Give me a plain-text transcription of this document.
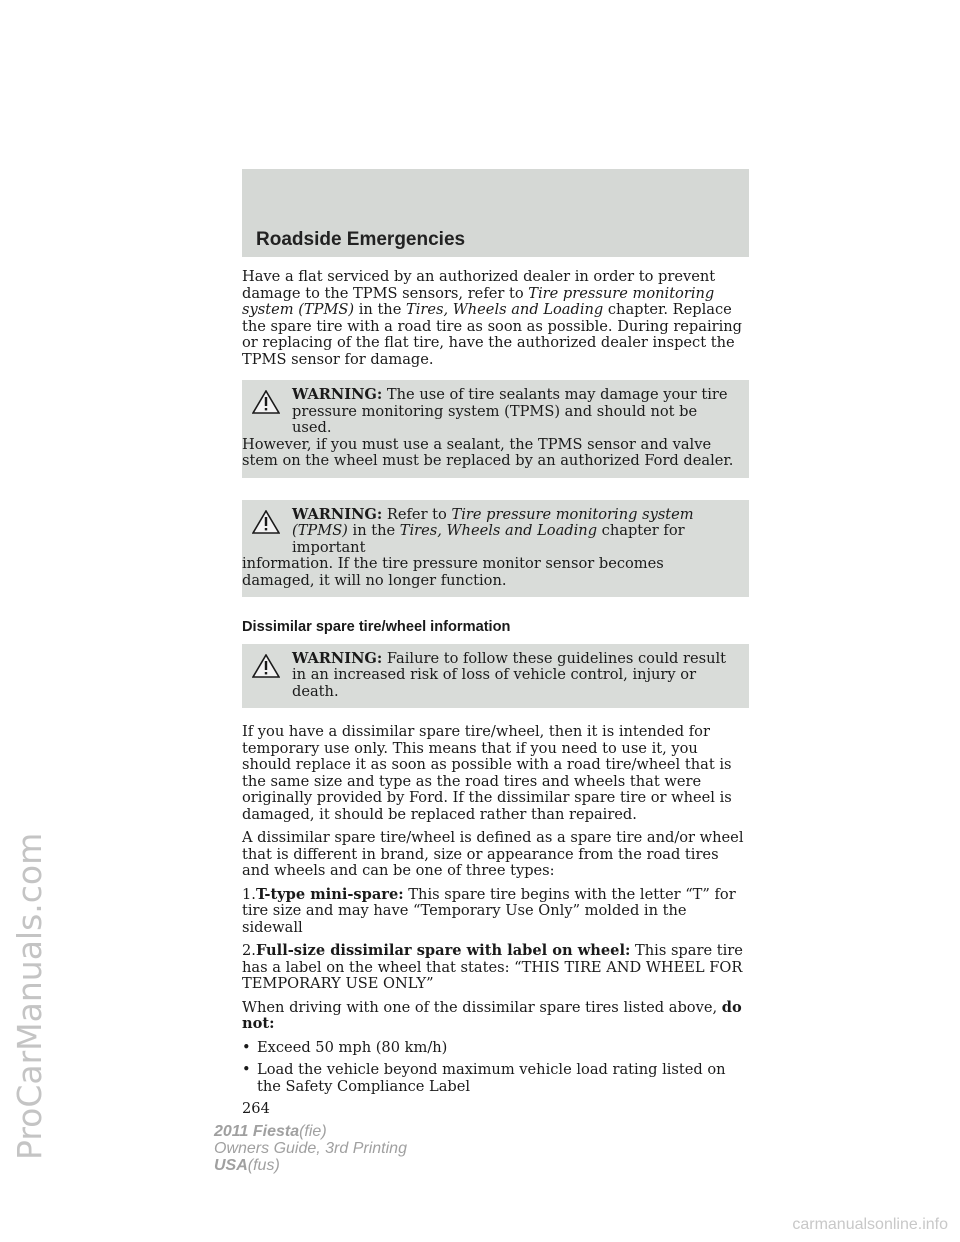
ProCarManuals.com
Roadside Emergencies

Have a flat serviced by an authorized dealer in order to prevent damage to the TPMS sensors, refer to Tire pressure monitoring system (TPMS) in the Tires, Wheels and Loading chapter. Replace the spare tire with a road tire as soon as possible. During repairing or replacing of the flat tire, have the authorized dealer inspect the TPMS sensor for damage.

WARNING: The use of tire sealants may damage your tire pressure monitoring system (TPMS) and should not be used.
However, if you must use a sealant, the TPMS sensor and valve stem on the wheel must be replaced by an authorized Ford dealer.
WARNING: Refer to Tire pressure monitoring system (TPMS) in the Tires, Wheels and Loading chapter for important
information. If the tire pressure monitor sensor becomes damaged, it will no longer function.
Dissimilar spare tire/wheel information
WARNING: Failure to follow these guidelines could result in an increased risk of loss of vehicle control, injury or death.

If you have a dissimilar spare tire/wheel, then it is intended for temporary use only. This means that if you need to use it, you should replace it as soon as possible with a road tire/wheel that is the same size and type as the road tires and wheels that were originally provided by Ford. If the dissimilar spare tire or wheel is damaged, it should be replaced rather than repaired.

A dissimilar spare tire/wheel is defined as a spare tire and/or wheel that is different in brand, size or appearance from the road tires and wheels and can be one of three types:

1.T-type mini-spare: This spare tire begins with the letter “T” for tire size and may have “Temporary Use Only” molded in the sidewall

2.Full-size dissimilar spare with label on wheel: This spare tire has a label on the wheel that states: “THIS TIRE AND WHEEL FOR TEMPORARY USE ONLY”

When driving with one of the dissimilar spare tires listed above, do not:

• Exceed 50 mph (80 km/h)
• Load the vehicle beyond maximum vehicle load rating listed on the Safety Compliance Label
264
2011 Fiesta(fie)
Owners Guide, 3rd Printing
USA(fus)
carmanualsonline.info
